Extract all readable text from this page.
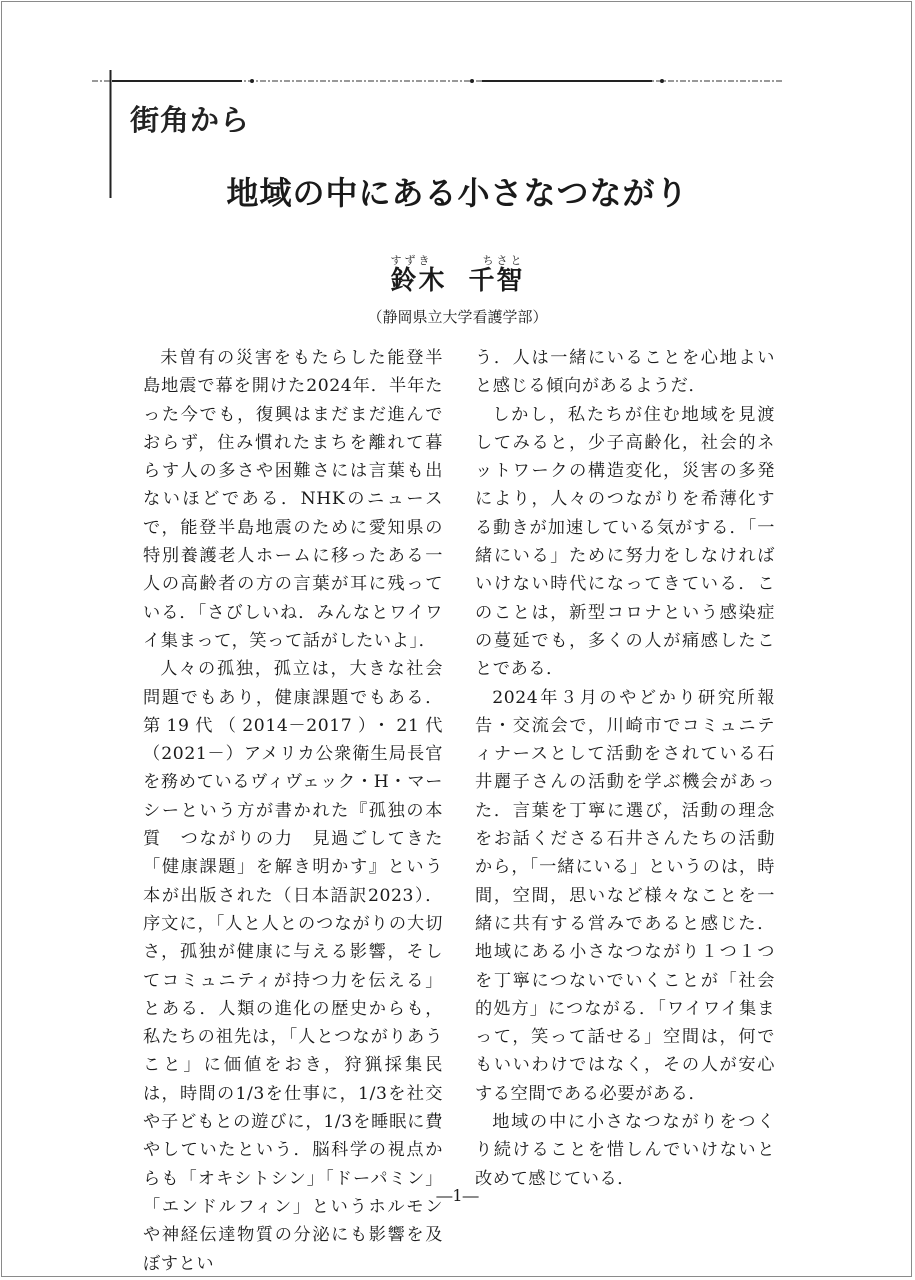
街角から
地域の中にある小さなつながり
すずき	ちさと
鈴木 千智
（静岡県立大学看護学部）

未曽有の災害をもたらした能登半島地震で幕を開けた2024年．半年たった今でも，復興はまだまだ進んでおらず，住み慣れたまちを離れて暮らす人の多さや困難さには言葉も出ないほどである．NHKのニュースで，能登半島地震のために愛知県の特別養護老人ホームに移ったある一人の高齢者の方の言葉が耳に残っている．「さびしいね．みんなとワイワイ集まって，笑って話がしたいよ」．

人々の孤独，孤立は，大きな社会問題でもあり，健康課題でもある．第19代（2014－2017）・21代（2021－）アメリカ公衆衛生局長官を務めているヴィヴェック・H・マーシーという方が書かれた『孤独の本質　つながりの力　見過ごしてきた「健康課題」を解き明かす』という本が出版された（日本語訳2023）．序文に，「人と人とのつながりの大切さ，孤独が健康に与える影響，そしてコミュニティが持つ力を伝える」とある．人類の進化の歴史からも，私たちの祖先は，「人とつながりあうこと」に価値をおき，狩猟採集民は，時間の1/3を仕事に，1/3を社交や子どもとの遊びに，1/3を睡眠に費やしていたという．脳科学の視点からも「オキシトシン」「ドーパミン」「エンドルフィン」というホルモンや神経伝達物質の分泌にも影響を及ぼすとい

う．人は一緒にいることを心地よいと感じる傾向があるようだ．

しかし，私たちが住む地域を見渡してみると，少子高齢化，社会的ネットワークの構造変化，災害の多発により，人々のつながりを希薄化する動きが加速している気がする．「一緒にいる」ために努力をしなければいけない時代になってきている．このことは，新型コロナという感染症の蔓延でも，多くの人が痛感したことである．

2024年３月のやどかり研究所報告・交流会で，川崎市でコミュニティナースとして活動をされている石井麗子さんの活動を学ぶ機会があった．言葉を丁寧に選び，活動の理念をお話くださる石井さんたちの活動から，「一緒にいる」というのは，時間，空間，思いなど様々なことを一緒に共有する営みであると感じた．地域にある小さなつながり１つ１つを丁寧につないでいくことが「社会的処方」につながる．「ワイワイ集まって，笑って話せる」空間は，何でもいいわけではなく，その人が安心する空間である必要がある．

地域の中に小さなつながりをつくり続けることを惜しんでいけないと改めて感じている．

―1―
